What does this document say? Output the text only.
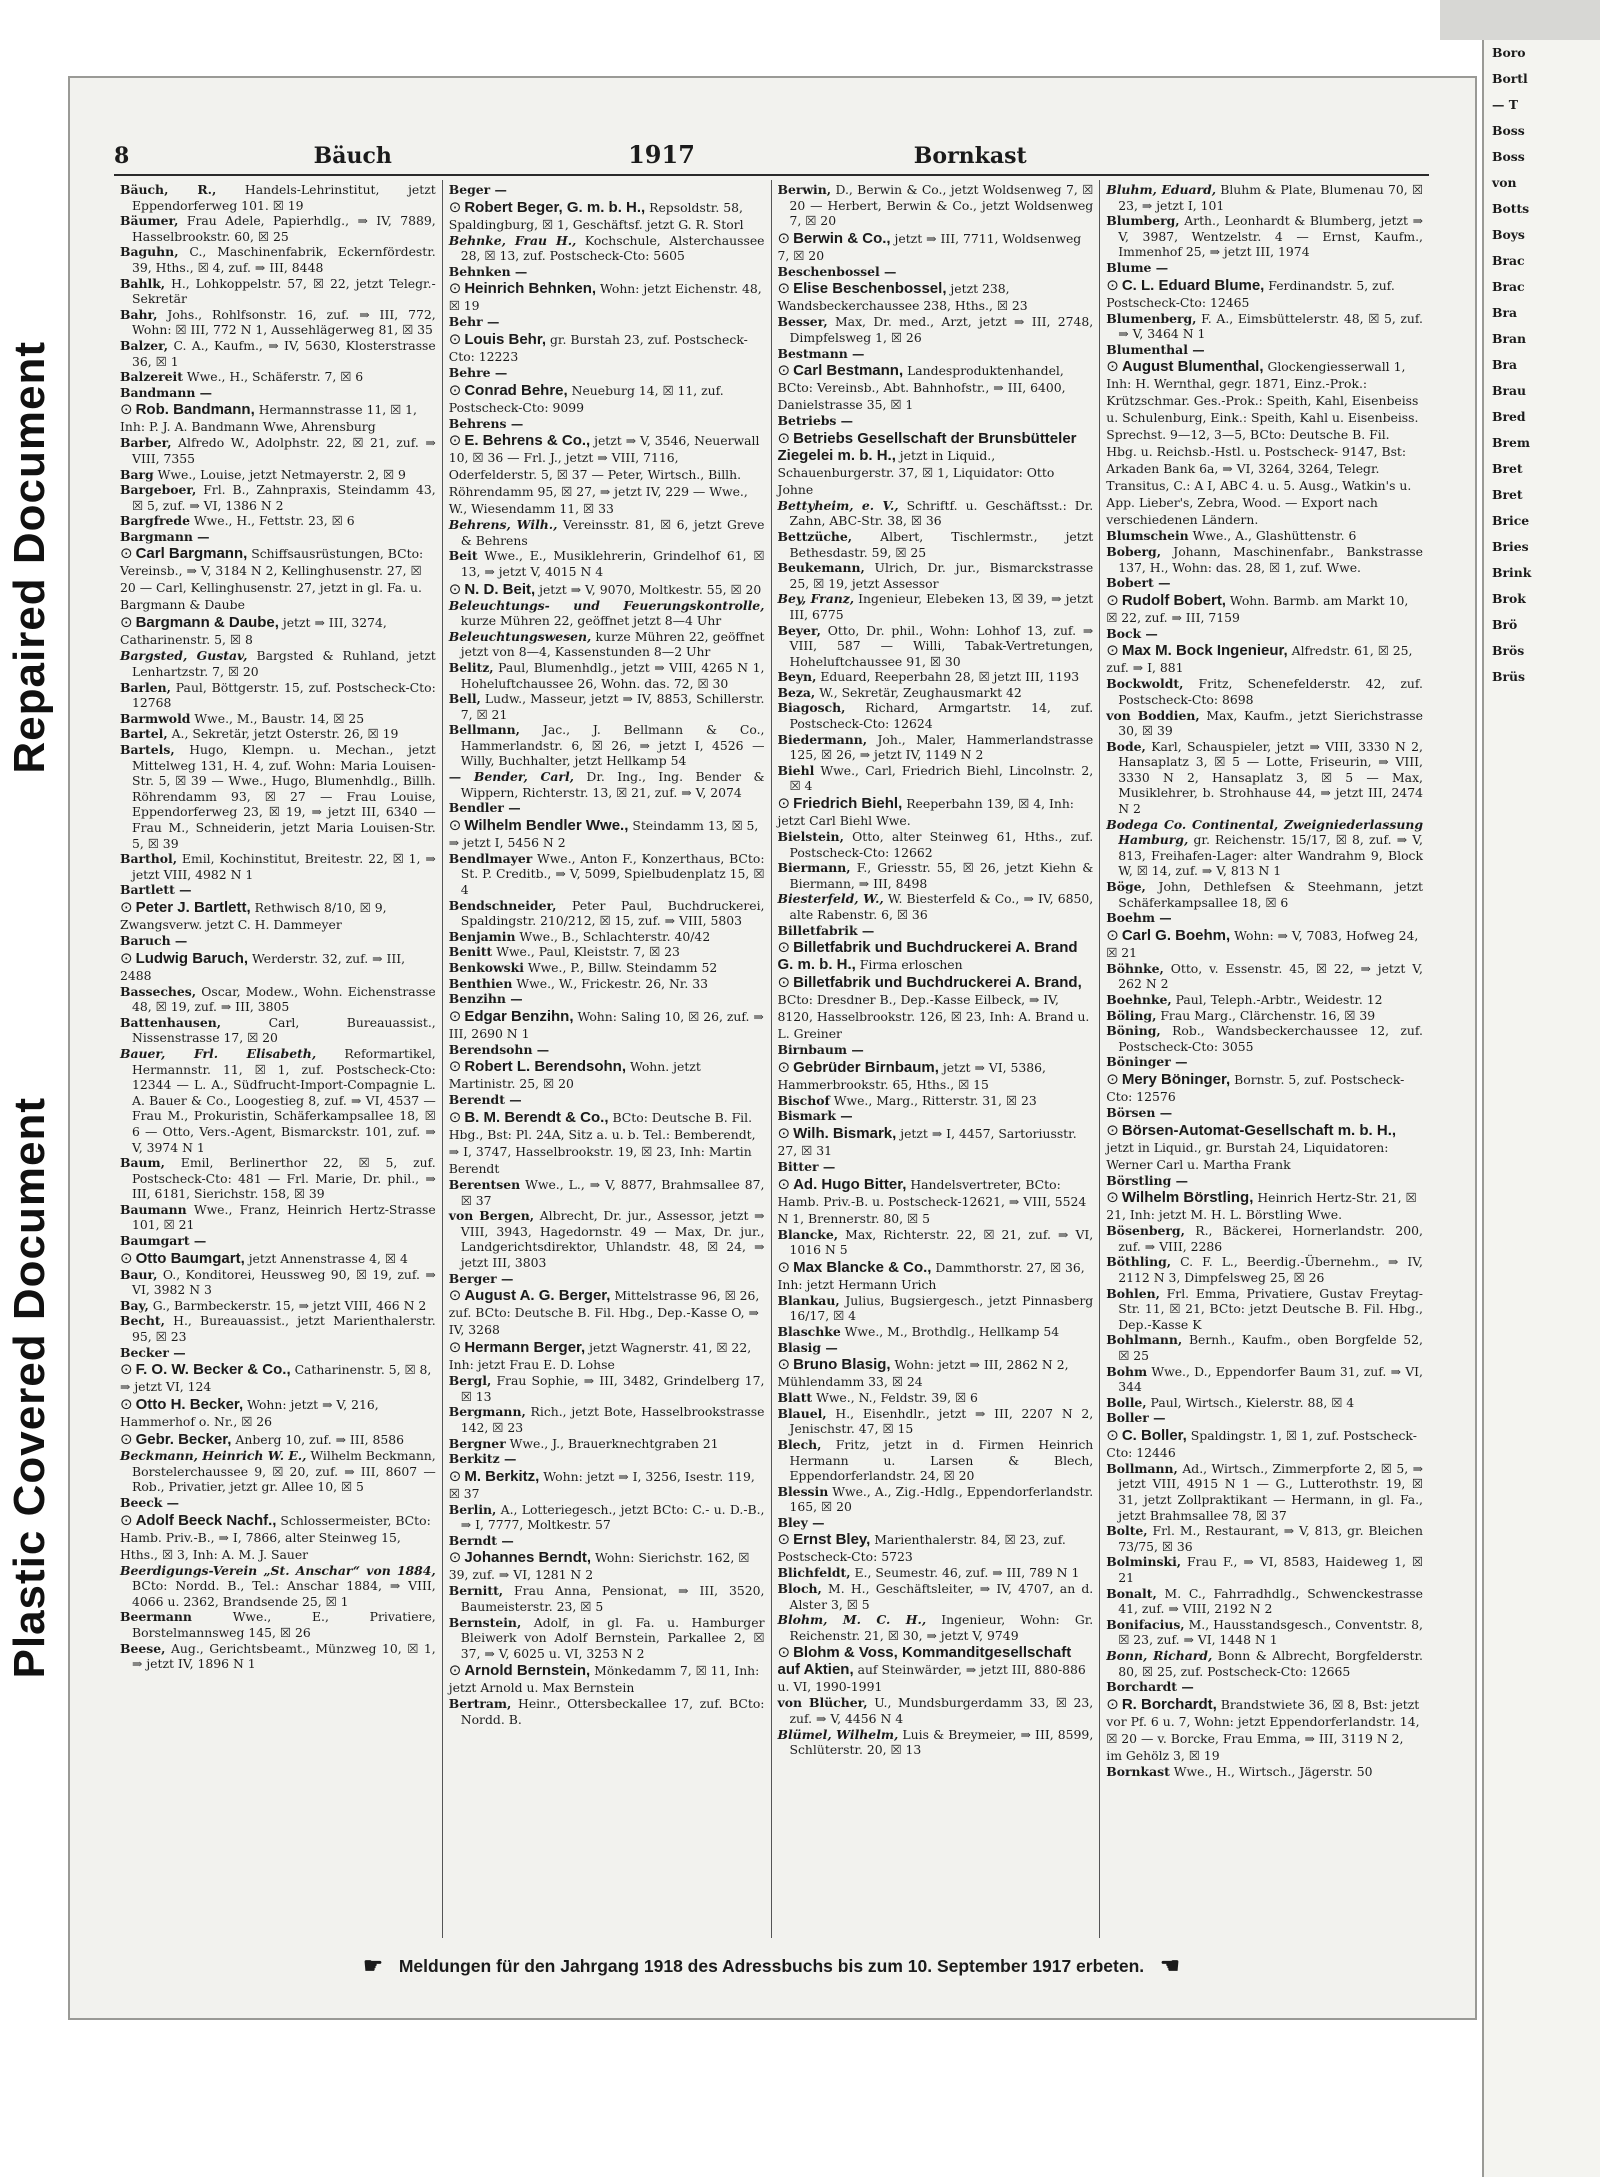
Repaired Document
Plastic Covered Document
8	Bäuch	1917	Bornkast

Bäuch, R., Handels-Lehrinstitut, jetzt Eppendorferweg 101. ☒ 19

Bäumer, Frau Adele, Papierhdlg., ⇒ IV, 7889, Hasselbrookstr. 60, ☒ 25

Baguhn, C., Maschinenfabrik, Eckernfördestr. 39, Hths., ☒ 4, zuf. ⇒ III, 8448

Bahlk, H., Lohkoppelstr. 57, ☒ 22, jetzt Telegr.-Sekretär

Bahr, Johs., Rohlfsonstr. 16, zuf. ⇒ III, 772, Wohn: ☒ III, 772 N 1, Aussehlägerweg 81, ☒ 35

Balzer, C. A., Kaufm., ⇒ IV, 5630, Klosterstrasse 36, ☒ 1

Balzereit Wwe., H., Schäferstr. 7, ☒ 6

Bandmann —

⊙ Rob. Bandmann, Hermannstrasse 11, ☒ 1, Inh: P. J. A. Bandmann Wwe, Ahrensburg

Barber, Alfredo W., Adolphstr. 22, ☒ 21, zuf. ⇒ VIII, 7355

Barg Wwe., Louise, jetzt Netmayerstr. 2, ☒ 9

Bargeboer, Frl. B., Zahnpraxis, Steindamm 43, ☒ 5, zuf. ⇒ VI, 1386 N 2

Bargfrede Wwe., H., Fettstr. 23, ☒ 6

Bargmann —

⊙ Carl Bargmann, Schiffsausrüstungen, BCto: Vereinsb., ⇒ V, 3184 N 2, Kellinghusenstr. 27, ☒ 20 — Carl, Kellinghusenstr. 27, jetzt in gl. Fa. u. Bargmann & Daube

⊙ Bargmann & Daube, jetzt ⇒ III, 3274, Catharinenstr. 5, ☒ 8

Bargsted, Gustav, Bargsted & Ruhland, jetzt Lenhartzstr. 7, ☒ 20

Barlen, Paul, Böttgerstr. 15, zuf. Postscheck-Cto: 12768

Barmwold Wwe., M., Baustr. 14, ☒ 25

Bartel, A., Sekretär, jetzt Osterstr. 26, ☒ 19

Bartels, Hugo, Klempn. u. Mechan., jetzt Mittelweg 131, H. 4, zuf. Wohn: Maria Louisen-Str. 5, ☒ 39 — Wwe., Hugo, Blumenhdlg., Billh. Röhrendamm 93, ☒ 27 — Frau Louise, Eppendorferweg 23, ☒ 19, ⇒ jetzt III, 6340 — Frau M., Schneiderin, jetzt Maria Louisen-Str. 5, ☒ 39

Barthol, Emil, Kochinstitut, Breitestr. 22, ☒ 1, ⇒ jetzt VIII, 4982 N 1

Bartlett —

⊙ Peter J. Bartlett, Rethwisch 8/10, ☒ 9, Zwangsverw. jetzt C. H. Dammeyer

Baruch —

⊙ Ludwig Baruch, Werderstr. 32, zuf. ⇒ III, 2488

Basseches, Oscar, Modew., Wohn. Eichenstrasse 48, ☒ 19, zuf. ⇒ III, 3805

Battenhausen, Carl, Bureauassist., Nissenstrasse 17, ☒ 20

Bauer, Frl. Elisabeth, Reformartikel, Hermannstr. 11, ☒ 1, zuf. Postscheck-Cto: 12344 — L. A., Südfrucht-Import-Compagnie L. A. Bauer & Co., Loogestieg 8, zuf. ⇒ VI, 4537 — Frau M., Prokuristin, Schäferkampsallee 18, ☒ 6 — Otto, Vers.-Agent, Bismarckstr. 101, zuf. ⇒ V, 3974 N 1

Baum, Emil, Berlinerthor 22, ☒ 5, zuf. Postscheck-Cto: 481 — Frl. Marie, Dr. phil., ⇒ III, 6181, Sierichstr. 158, ☒ 39

Baumann Wwe., Franz, Heinrich Hertz-Strasse 101, ☒ 21

Baumgart —

⊙ Otto Baumgart, jetzt Annenstrasse 4, ☒ 4

Baur, O., Konditorei, Heussweg 90, ☒ 19, zuf. ⇒ VI, 3982 N 3

Bay, G., Barmbeckerstr. 15, ⇒ jetzt VIII, 466 N 2

Becht, H., Bureauassist., jetzt Marienthalerstr. 95, ☒ 23

Becker —

⊙ F. O. W. Becker & Co., Catharinenstr. 5, ☒ 8, ⇒ jetzt VI, 124

⊙ Otto H. Becker, Wohn: jetzt ⇒ V, 216, Hammerhof o. Nr., ☒ 26

⊙ Gebr. Becker, Anberg 10, zuf. ⇒ III, 8586

Beckmann, Heinrich W. E., Wilhelm Beckmann, Borstelerchaussee 9, ☒ 20, zuf. ⇒ III, 8607 — Rob., Privatier, jetzt gr. Allee 10, ☒ 5

Beeck —

⊙ Adolf Beeck Nachf., Schlossermeister, BCto: Hamb. Priv.-B., ⇒ I, 7866, alter Steinweg 15, Hths., ☒ 3, Inh: A. M. J. Sauer

Beerdigungs-Verein „St. Anschar“ von 1884, BCto: Nordd. B., Tel.: Anschar 1884, ⇒ VIII, 4066 u. 2362, Brandsende 25, ☒ 1

Beermann Wwe., E., Privatiere, Borstelmannsweg 145, ☒ 26

Beese, Aug., Gerichtsbeamt., Münzweg 10, ☒ 1, ⇒ jetzt IV, 1896 N 1

Beger —

⊙ Robert Beger, G. m. b. H., Repsoldstr. 58, Spaldingburg, ☒ 1, Geschäftsf. jetzt G. R. Storl

Behnke, Frau H., Kochschule, Alsterchaussee 28, ☒ 13, zuf. Postscheck-Cto: 5605

Behnken —

⊙ Heinrich Behnken, Wohn: jetzt Eichenstr. 48, ☒ 19

Behr —

⊙ Louis Behr, gr. Burstah 23, zuf. Postscheck-Cto: 12223

Behre —

⊙ Conrad Behre, Neueburg 14, ☒ 11, zuf. Postscheck-Cto: 9099

Behrens —

⊙ E. Behrens & Co., jetzt ⇒ V, 3546, Neuerwall 10, ☒ 36 — Frl. J., jetzt ⇒ VIII, 7116, Oderfelderstr. 5, ☒ 37 — Peter, Wirtsch., Billh. Röhrendamm 95, ☒ 27, ⇒ jetzt IV, 229 — Wwe., W., Wiesendamm 11, ☒ 33

Behrens, Wilh., Vereinsstr. 81, ☒ 6, jetzt Greve & Behrens

Beit Wwe., E., Musiklehrerin, Grindelhof 61, ☒ 13, ⇒ jetzt V, 4015 N 4

⊙ N. D. Beit, jetzt ⇒ V, 9070, Moltkestr. 55, ☒ 20

Beleuchtungs- und Feuerungskontrolle, kurze Mühren 22, geöffnet jetzt 8—4 Uhr

Beleuchtungswesen, kurze Mühren 22, geöffnet jetzt von 8—4, Kassenstunden 8—2 Uhr

Belitz, Paul, Blumenhdlg., jetzt ⇒ VIII, 4265 N 1, Hoheluftchaussee 26, Wohn. das. 72, ☒ 30

Bell, Ludw., Masseur, jetzt ⇒ IV, 8853, Schillerstr. 7, ☒ 21

Bellmann, Jac., J. Bellmann & Co., Hammerlandstr. 6, ☒ 26, ⇒ jetzt I, 4526 — Willy, Buchhalter, jetzt Hellkamp 54

— Bender, Carl, Dr. Ing., Ing. Bender & Wippern, Richterstr. 13, ☒ 21, zuf. ⇒ V, 2074

Bendler —

⊙ Wilhelm Bendler Wwe., Steindamm 13, ☒ 5, ⇒ jetzt I, 5456 N 2

Bendlmayer Wwe., Anton F., Konzerthaus, BCto: St. P. Creditb., ⇒ V, 5099, Spielbudenplatz 15, ☒ 4

Bendschneider, Peter Paul, Buchdruckerei, Spaldingstr. 210/212, ☒ 15, zuf. ⇒ VIII, 5803

Benjamin Wwe., B., Schlachterstr. 40/42

Benitt Wwe., Paul, Kleiststr. 7, ☒ 23

Benkowski Wwe., P., Billw. Steindamm 52

Benthien Wwe., W., Frickestr. 26, Nr. 33

Benzihn —

⊙ Edgar Benzihn, Wohn: Saling 10, ☒ 26, zuf. ⇒ III, 2690 N 1

Berendsohn —

⊙ Robert L. Berendsohn, Wohn. jetzt Martinistr. 25, ☒ 20

Berendt —

⊙ B. M. Berendt & Co., BCto: Deutsche B. Fil. Hbg., Bst: Pl. 24A, Sitz a. u. b. Tel.: Bemberendt, ⇒ I, 3747, Hasselbrookstr. 19, ☒ 23, Inh: Martin Berendt

Berentsen Wwe., L., ⇒ V, 8877, Brahmsallee 87, ☒ 37

von Bergen, Albrecht, Dr. jur., Assessor, jetzt ⇒ VIII, 3943, Hagedornstr. 49 — Max, Dr. jur., Landgerichtsdirektor, Uhlandstr. 48, ☒ 24, ⇒ jetzt III, 3803

Berger —

⊙ August A. G. Berger, Mittelstrasse 96, ☒ 26, zuf. BCto: Deutsche B. Fil. Hbg., Dep.-Kasse O, ⇒ IV, 3268

⊙ Hermann Berger, jetzt Wagnerstr. 41, ☒ 22, Inh: jetzt Frau E. D. Lohse

Bergl, Frau Sophie, ⇒ III, 3482, Grindelberg 17, ☒ 13

Bergmann, Rich., jetzt Bote, Hasselbrookstrasse 142, ☒ 23

Bergner Wwe., J., Brauerknechtgraben 21

Berkitz —

⊙ M. Berkitz, Wohn: jetzt ⇒ I, 3256, Isestr. 119, ☒ 37

Berlin, A., Lotteriegesch., jetzt BCto: C.- u. D.-B., ⇒ I, 7777, Moltkestr. 57

Berndt —

⊙ Johannes Berndt, Wohn: Sierichstr. 162, ☒ 39, zuf. ⇒ VI, 1281 N 2

Bernitt, Frau Anna, Pensionat, ⇒ III, 3520, Baumeisterstr. 23, ☒ 5

Bernstein, Adolf, in gl. Fa. u. Hamburger Bleiwerk von Adolf Bernstein, Parkallee 2, ☒ 37, ⇒ V, 6025 u. VI, 3253 N 2

⊙ Arnold Bernstein, Mönkedamm 7, ☒ 11, Inh: jetzt Arnold u. Max Bernstein

Bertram, Heinr., Ottersbeckallee 17, zuf. BCto: Nordd. B.

Berwin, D., Berwin & Co., jetzt Woldsenweg 7, ☒ 20 — Herbert, Berwin & Co., jetzt Woldsenweg 7, ☒ 20

⊙ Berwin & Co., jetzt ⇒ III, 7711, Woldsenweg 7, ☒ 20

Beschenbossel —

⊙ Elise Beschenbossel, jetzt 238, Wandsbeckerchaussee 238, Hths., ☒ 23

Besser, Max, Dr. med., Arzt, jetzt ⇒ III, 2748, Dimpfelsweg 1, ☒ 26

Bestmann —

⊙ Carl Bestmann, Landesproduktenhandel, BCto: Vereinsb., Abt. Bahnhofstr., ⇒ III, 6400, Danielstrasse 35, ☒ 1

Betriebs —

⊙ Betriebs Gesellschaft der Brunsbütteler Ziegelei m. b. H., jetzt in Liquid., Schauenburgerstr. 37, ☒ 1, Liquidator: Otto Johne

Bettyheim, e. V., Schriftf. u. Geschäftsst.: Dr. Zahn, ABC-Str. 38, ☒ 36

Bettzüche, Albert, Tischlermstr., jetzt Bethesdastr. 59, ☒ 25

Beukemann, Ulrich, Dr. jur., Bismarckstrasse 25, ☒ 19, jetzt Assessor

Bey, Franz, Ingenieur, Elebeken 13, ☒ 39, ⇒ jetzt III, 6775

Beyer, Otto, Dr. phil., Wohn: Lohhof 13, zuf. ⇒ VIII, 587 — Willi, Tabak-Vertretungen, Hoheluftchaussee 91, ☒ 30

Beyn, Eduard, Reeperbahn 28, ☒ jetzt III, 1193

Beza, W., Sekretär, Zeughausmarkt 42

Biagosch, Richard, Armgartstr. 14, zuf. Postscheck-Cto: 12624

Biedermann, Joh., Maler, Hammerlandstrasse 125, ☒ 26, ⇒ jetzt IV, 1149 N 2

Biehl Wwe., Carl, Friedrich Biehl, Lincolnstr. 2, ☒ 4

⊙ Friedrich Biehl, Reeperbahn 139, ☒ 4, Inh: jetzt Carl Biehl Wwe.

Bielstein, Otto, alter Steinweg 61, Hths., zuf. Postscheck-Cto: 12662

Biermann, F., Griesstr. 55, ☒ 26, jetzt Kiehn & Biermann, ⇒ III, 8498

Biesterfeld, W., W. Biesterfeld & Co., ⇒ IV, 6850, alte Rabenstr. 6, ☒ 36

Billetfabrik —

⊙ Billetfabrik und Buchdruckerei A. Brand G. m. b. H., Firma erloschen

⊙ Billetfabrik und Buchdruckerei A. Brand, BCto: Dresdner B., Dep.-Kasse Eilbeck, ⇒ IV, 8120, Hasselbrookstr. 126, ☒ 23, Inh: A. Brand u. L. Greiner

Birnbaum —

⊙ Gebrüder Birnbaum, jetzt ⇒ VI, 5386, Hammerbrookstr. 65, Hths., ☒ 15

Bischof Wwe., Marg., Ritterstr. 31, ☒ 23

Bismark —

⊙ Wilh. Bismark, jetzt ⇒ I, 4457, Sartoriusstr. 27, ☒ 31

Bitter —

⊙ Ad. Hugo Bitter, Handelsvertreter, BCto: Hamb. Priv.-B. u. Postscheck-12621, ⇒ VIII, 5524 N 1, Brennerstr. 80, ☒ 5

Blancke, Max, Richterstr. 22, ☒ 21, zuf. ⇒ VI, 1016 N 5

⊙ Max Blancke & Co., Dammthorstr. 27, ☒ 36, Inh: jetzt Hermann Urich

Blankau, Julius, Bugsiergesch., jetzt Pinnasberg 16/17, ☒ 4

Blaschke Wwe., M., Brothdlg., Hellkamp 54

Blasig —

⊙ Bruno Blasig, Wohn: jetzt ⇒ III, 2862 N 2, Mühlendamm 33, ☒ 24

Blatt Wwe., N., Feldstr. 39, ☒ 6

Blauel, H., Eisenhdlr., jetzt ⇒ III, 2207 N 2, Jenischstr. 47, ☒ 15

Blech, Fritz, jetzt in d. Firmen Heinrich Hermann u. Larsen & Blech, Eppendorferlandstr. 24, ☒ 20

Blessin Wwe., A., Zig.-Hdlg., Eppendorferlandstr. 165, ☒ 20

Bley —

⊙ Ernst Bley, Marienthalerstr. 84, ☒ 23, zuf. Postscheck-Cto: 5723

Blichfeldt, E., Seumestr. 46, zuf. ⇒ III, 789 N 1

Bloch, M. H., Geschäftsleiter, ⇒ IV, 4707, an d. Alster 3, ☒ 5

Blohm, M. C. H., Ingenieur, Wohn: Gr. Reichenstr. 21, ☒ 30, ⇒ jetzt V, 9749

⊙ Blohm & Voss, Kommanditgesellschaft auf Aktien, auf Steinwärder, ⇒ jetzt III, 880-886 u. VI, 1990-1991

von Blücher, U., Mundsburgerdamm 33, ☒ 23, zuf. ⇒ V, 4456 N 4

Blümel, Wilhelm, Luis & Breymeier, ⇒ III, 8599, Schlüterstr. 20, ☒ 13

Bluhm, Eduard, Bluhm & Plate, Blumenau 70, ☒ 23, ⇒ jetzt I, 101

Blumberg, Arth., Leonhardt & Blumberg, jetzt ⇒ V, 3987, Wentzelstr. 4 — Ernst, Kaufm., Immenhof 25, ⇒ jetzt III, 1974

Blume —

⊙ C. L. Eduard Blume, Ferdinandstr. 5, zuf. Postscheck-Cto: 12465

Blumenberg, F. A., Eimsbüttelerstr. 48, ☒ 5, zuf. ⇒ V, 3464 N 1

Blumenthal —

⊙ August Blumenthal, Glockengiesserwall 1, Inh: H. Wernthal, gegr. 1871, Einz.-Prok.: Krützschmar. Ges.-Prok.: Speith, Kahl, Eisenbeiss u. Schulenburg, Eink.: Speith, Kahl u. Eisenbeiss. Sprechst. 9—12, 3—5, BCto: Deutsche B. Fil. Hbg. u. Reichsb.-Hstl. u. Postscheck- 9147, Bst: Arkaden Bank 6a, ⇒ VI, 3264, 3264, Telegr. Transitus, C.: A I, ABC 4. u. 5. Ausg., Watkin's u. App. Lieber's, Zebra, Wood. — Export nach verschiedenen Ländern.

Blumschein Wwe., A., Glashüttenstr. 6

Boberg, Johann, Maschinenfabr., Bankstrasse 137, H., Wohn: das. 28, ☒ 1, zuf. Wwe.

Bobert —

⊙ Rudolf Bobert, Wohn. Barmb. am Markt 10, ☒ 22, zuf. ⇒ III, 7159

Bock —

⊙ Max M. Bock Ingenieur, Alfredstr. 61, ☒ 25, zuf. ⇒ I, 881

Bockwoldt, Fritz, Schenefelderstr. 42, zuf. Postscheck-Cto: 8698

von Boddien, Max, Kaufm., jetzt Sierichstrasse 30, ☒ 39

Bode, Karl, Schauspieler, jetzt ⇒ VIII, 3330 N 2, Hansaplatz 3, ☒ 5 — Lotte, Friseurin, ⇒ VIII, 3330 N 2, Hansaplatz 3, ☒ 5 — Max, Musiklehrer, b. Strohhause 44, ⇒ jetzt III, 2474 N 2

Bodega Co. Continental, Zweigniederlassung Hamburg, gr. Reichenstr. 15/17, ☒ 8, zuf. ⇒ V, 813, Freihafen-Lager: alter Wandrahm 9, Block W, ☒ 14, zuf. ⇒ V, 813 N 1

Böge, John, Dethlefsen & Steehmann, jetzt Schäferkampsallee 18, ☒ 6

Boehm —

⊙ Carl G. Boehm, Wohn: ⇒ V, 7083, Hofweg 24, ☒ 21

Böhnke, Otto, v. Essenstr. 45, ☒ 22, ⇒ jetzt V, 262 N 2

Boehnke, Paul, Teleph.-Arbtr., Weidestr. 12

Böling, Frau Marg., Clärchenstr. 16, ☒ 39

Böning, Rob., Wandsbeckerchaussee 12, zuf. Postscheck-Cto: 3055

Böninger —

⊙ Mery Böninger, Bornstr. 5, zuf. Postscheck-Cto: 12576

Börsen —

⊙ Börsen-Automat-Gesellschaft m. b. H., jetzt in Liquid., gr. Burstah 24, Liquidatoren: Werner Carl u. Martha Frank

Börstling —

⊙ Wilhelm Börstling, Heinrich Hertz-Str. 21, ☒ 21, Inh: jetzt M. H. L. Börstling Wwe.

Bösenberg, R., Bäckerei, Hornerlandstr. 200, zuf. ⇒ VIII, 2286

Böthling, C. F. L., Beerdig.-Übernehm., ⇒ IV, 2112 N 3, Dimpfelsweg 25, ☒ 26

Bohlen, Frl. Emma, Privatiere, Gustav Freytag-Str. 11, ☒ 21, BCto: jetzt Deutsche B. Fil. Hbg., Dep.-Kasse K

Bohlmann, Bernh., Kaufm., oben Borgfelde 52, ☒ 25

Bohm Wwe., D., Eppendorfer Baum 31, zuf. ⇒ VI, 344

Bolle, Paul, Wirtsch., Kielerstr. 88, ☒ 4

Boller —

⊙ C. Boller, Spaldingstr. 1, ☒ 1, zuf. Postscheck-Cto: 12446

Bollmann, Ad., Wirtsch., Zimmerpforte 2, ☒ 5, ⇒ jetzt VIII, 4915 N 1 — G., Lutterothstr. 19, ☒ 31, jetzt Zollpraktikant — Hermann, in gl. Fa., jetzt Brahmsallee 78, ☒ 37

Bolte, Frl. M., Restaurant, ⇒ V, 813, gr. Bleichen 73/75, ☒ 36

Bolminski, Frau F., ⇒ VI, 8583, Haideweg 1, ☒ 21

Bonalt, M. C., Fahrradhdlg., Schwenckestrasse 41, zuf. ⇒ VIII, 2192 N 2

Bonifacius, M., Hausstandsgesch., Conventstr. 8, ☒ 23, zuf. ⇒ VI, 1448 N 1

Bonn, Richard, Bonn & Albrecht, Borgfelderstr. 80, ☒ 25, zuf. Postscheck-Cto: 12665

Borchardt —

⊙ R. Borchardt, Brandstwiete 36, ☒ 8, Bst: jetzt vor Pf. 6 u. 7, Wohn: jetzt Eppendorferlandstr. 14, ☒ 20 — v. Borcke, Frau Emma, ⇒ III, 3119 N 2, im Gehölz 3, ☒ 19

Bornkast Wwe., H., Wirtsch., Jägerstr. 50

☛ Meldungen für den Jahrgang 1918 des Adressbuchs bis zum 10. September 1917 erbeten. ☚

Boro

Bortl

— T

Boss

Boss

von

Botts

Boys

Brac

Brac

Bra

Bran

Bra

Brau

Bred

Brem

Bret

Bret

Brice

Bries

Brink

Brok

Brö

Brös

Brüs
